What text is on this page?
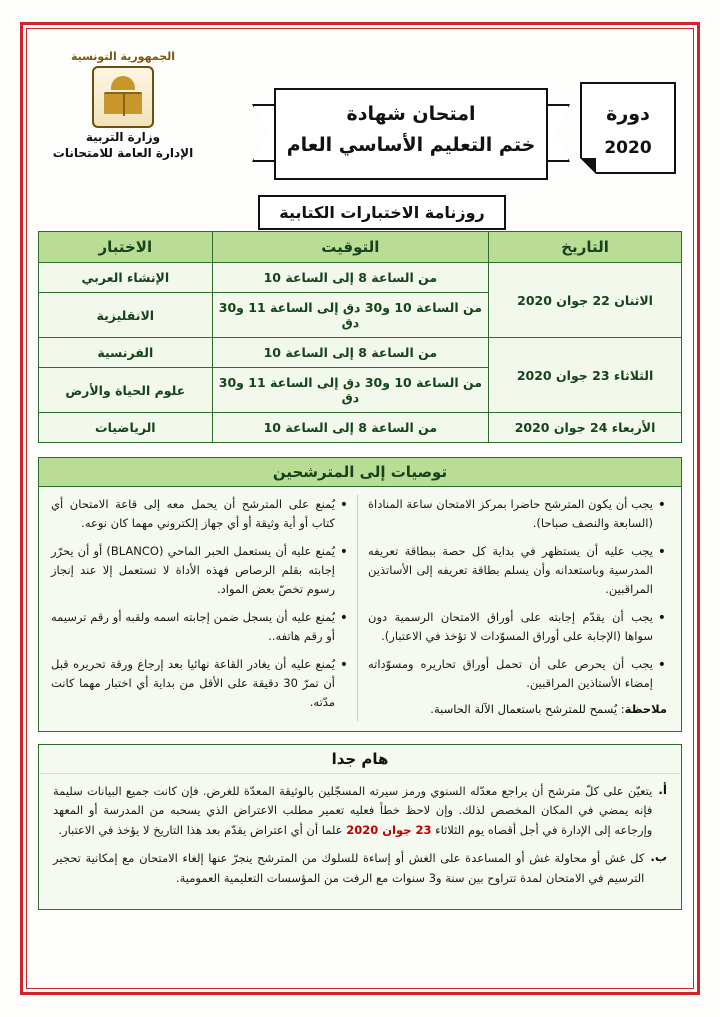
دورة
2020
امتحان شهادة
ختم التعليم الأساسي العام
الجمهورية التونسية
وزارة التربية
الإدارة العامة للامتحانات
روزنامة الاختبارات الكتابية
التاريخ	التوقيت	الاختبار
الاثنان 22 جوان 2020	من الساعة 8 إلى الساعة 10	الإنشاء العربي
	من الساعة 10 و30 دق إلى الساعة 11 و30 دق	الانقليزية
الثلاثاء 23 جوان 2020	من الساعة 8 إلى الساعة 10	الفرنسية
	من الساعة 10 و30 دق إلى الساعة 11 و30 دق	علوم الحياة والأرض
الأربعاء 24 جوان 2020	من الساعة 8 إلى الساعة 10	الرياضيات
توصيات إلى المترشحين
• يجب أن يكون المترشح حاضرا بمركز الامتحان ساعة المناداة (السابعة والنصف صباحا).
• يجب عليه أن يستظهر في بداية كل حصة ببطاقة تعريفه المدرسية وباستعدانه وأن يسلم بطاقة تعريفه إلى الأساتذين المراقبين.
• يجب أن يقدّم إجابته على أوراق الامتحان الرسمية دون سواها (الإجابة على أوراق المسوّدات لا تؤخذ في الاعتبار).
• يجب أن يحرص على أن تحمل أوراق تحاريره ومسوّداته إمضاء الأستاذين المراقبين.
ملاحظة: يُسمح للمترشح باستعمال الآلة الحاسبة.
• يُمنع على المترشح أن يحمل معه إلى قاعة الامتحان أي كتاب أو أية وثيقة أو أي جهاز إلكتروني مهما كان نوعه.
• يُمنع عليه أن يستعمل الحبر الماحي (BLANCO) أو أن يحرّر إجابته بقلم الرصاص فهذه الأداة لا تستعمل إلا عند إنجاز رسوم تخصّ بعض المواد.
• يُمنع عليه أن يسجل ضمن إجابته اسمه ولقبه أو رقم ترسيمه أو رقم هاتفه..
• يُمنع عليه أن يغادر القاعة نهائيا بعد إرجاع ورقة تحريره قبل أن تمرّ 30 دقيقة على الأقل من بداية أي اختبار مهما كانت مدّته.
هام جدا
أ.
يتعيّن على كلّ مترشح أن يراجع معدّله السنوي ورمز سيرته المسجّلين بالوثيقة المعدّة للغرض. فإن كانت جميع البيانات سليمة فإنه يمضي في المكان المخصص لذلك. وإن لاحظ خطأ فعليه تعمير مطلب الاعتراض الذي يسحبه من المدرسة أو المعهد وإرجاعه إلى الإدارة في أجل أقصاه يوم الثلاثاء 23 جوان 2020 علما أن أي اعتراض يقدّم بعد هذا التاريخ لا يؤخذ في الاعتبار.
ب.
كل غش أو محاولة غش أو المساعدة على الغش أو إساءة للسلوك من المترشح ينجرّ عنها إلغاء الامتحان مع إمكانية تحجير الترسيم في الامتحان لمدة تتراوح بين سنة و3 سنوات مع الرفت من المؤسسات التعليمية العمومية.
